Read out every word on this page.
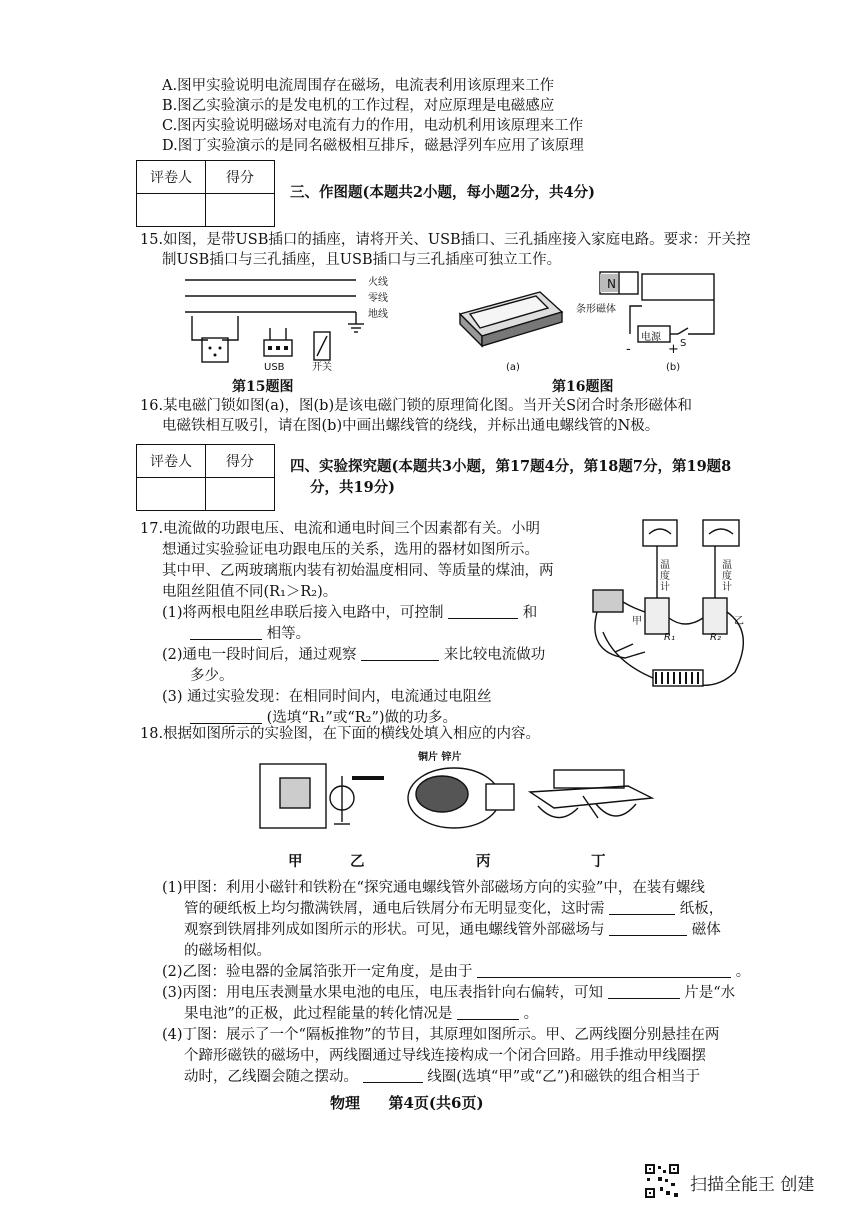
A.图甲实验说明电流周围存在磁场，电流表利用该原理来工作
B.图乙实验演示的是发电机的工作过程，对应原理是电磁感应
C.图丙实验说明磁场对电流有力的作用，电动机利用该原理来工作
D.图丁实验演示的是同名磁极相互排斥，磁悬浮列车应用了该原理
评卷人	得分

三、作图题(本题共2小题，每小题2分，共4分)
15.如图，是带USB插口的插座，请将开关、USB插口、三孔插座接入家庭电路。要求：开关控
制USB插口与三孔插座，且USB插口与三孔插座可独立工作。
火线
零线
地线
USB	开关
第15题图
(a)
N
条形磁体
电源
-	+ S
(b)
第16题图
16.某电磁门锁如图(a)，图(b)是该电磁门锁的原理简化图。当开关S闭合时条形磁体和
电磁铁相互吸引，请在图(b)中画出螺线管的绕线，并标出通电螺线管的N极。
评卷人	得分
	四、实验探究题(本题共3小题，第17题4分，第18题7分，第19题8
分，共19分)
17.电流做的功跟电压、电流和通电时间三个因素都有关。小明
想通过实验验证电功跟电压的关系，选用的器材如图所示。
其中甲、乙两玻璃瓶内装有初始温度相同、等质量的煤油，两
电阻丝阻值不同(R₁＞R₂)。
(1)将两根电阻丝串联后接入电路中，可控制	和
相等。
(2)通电一段时间后，通过观察	来比较电流做功
多少。
(3) 通过实验发现：在相同时间内，电流通过电阻丝
(选填“R₁”或“R₂”)做的功多。
温度计
温度计
甲	乙
R₁	R₂
18.根据如图所示的实验图，在下面的横线处填入相应的内容。
铜片 锌片
甲	乙	丙	丁
(1)甲图：利用小磁针和铁粉在“探究通电螺线管外部磁场方向的实验”中，在装有螺线
管的硬纸板上均匀撒满铁屑，通电后铁屑分布无明显变化，这时需	纸板，
观察到铁屑排列成如图所示的形状。可见，通电螺线管外部磁场与	磁体
的磁场相似。
(2)乙图：验电器的金属箔张开一定角度，是由于	。
(3)丙图：用电压表测量水果电池的电压，电压表指针向右偏转，可知	片是“水
果电池”的正极，此过程能量的转化情况是	。
(4)丁图：展示了一个“隔板推物”的节目，其原理如图所示。甲、乙两线圈分别悬挂在两
个蹄形磁铁的磁场中，两线圈通过导线连接构成一个闭合回路。用手推动甲线圈摆
动时，乙线圈会随之摆动。	线圈(选填“甲”或“乙”)和磁铁的组合相当于
物理 第4页(共6页)
扫描全能王 创建
